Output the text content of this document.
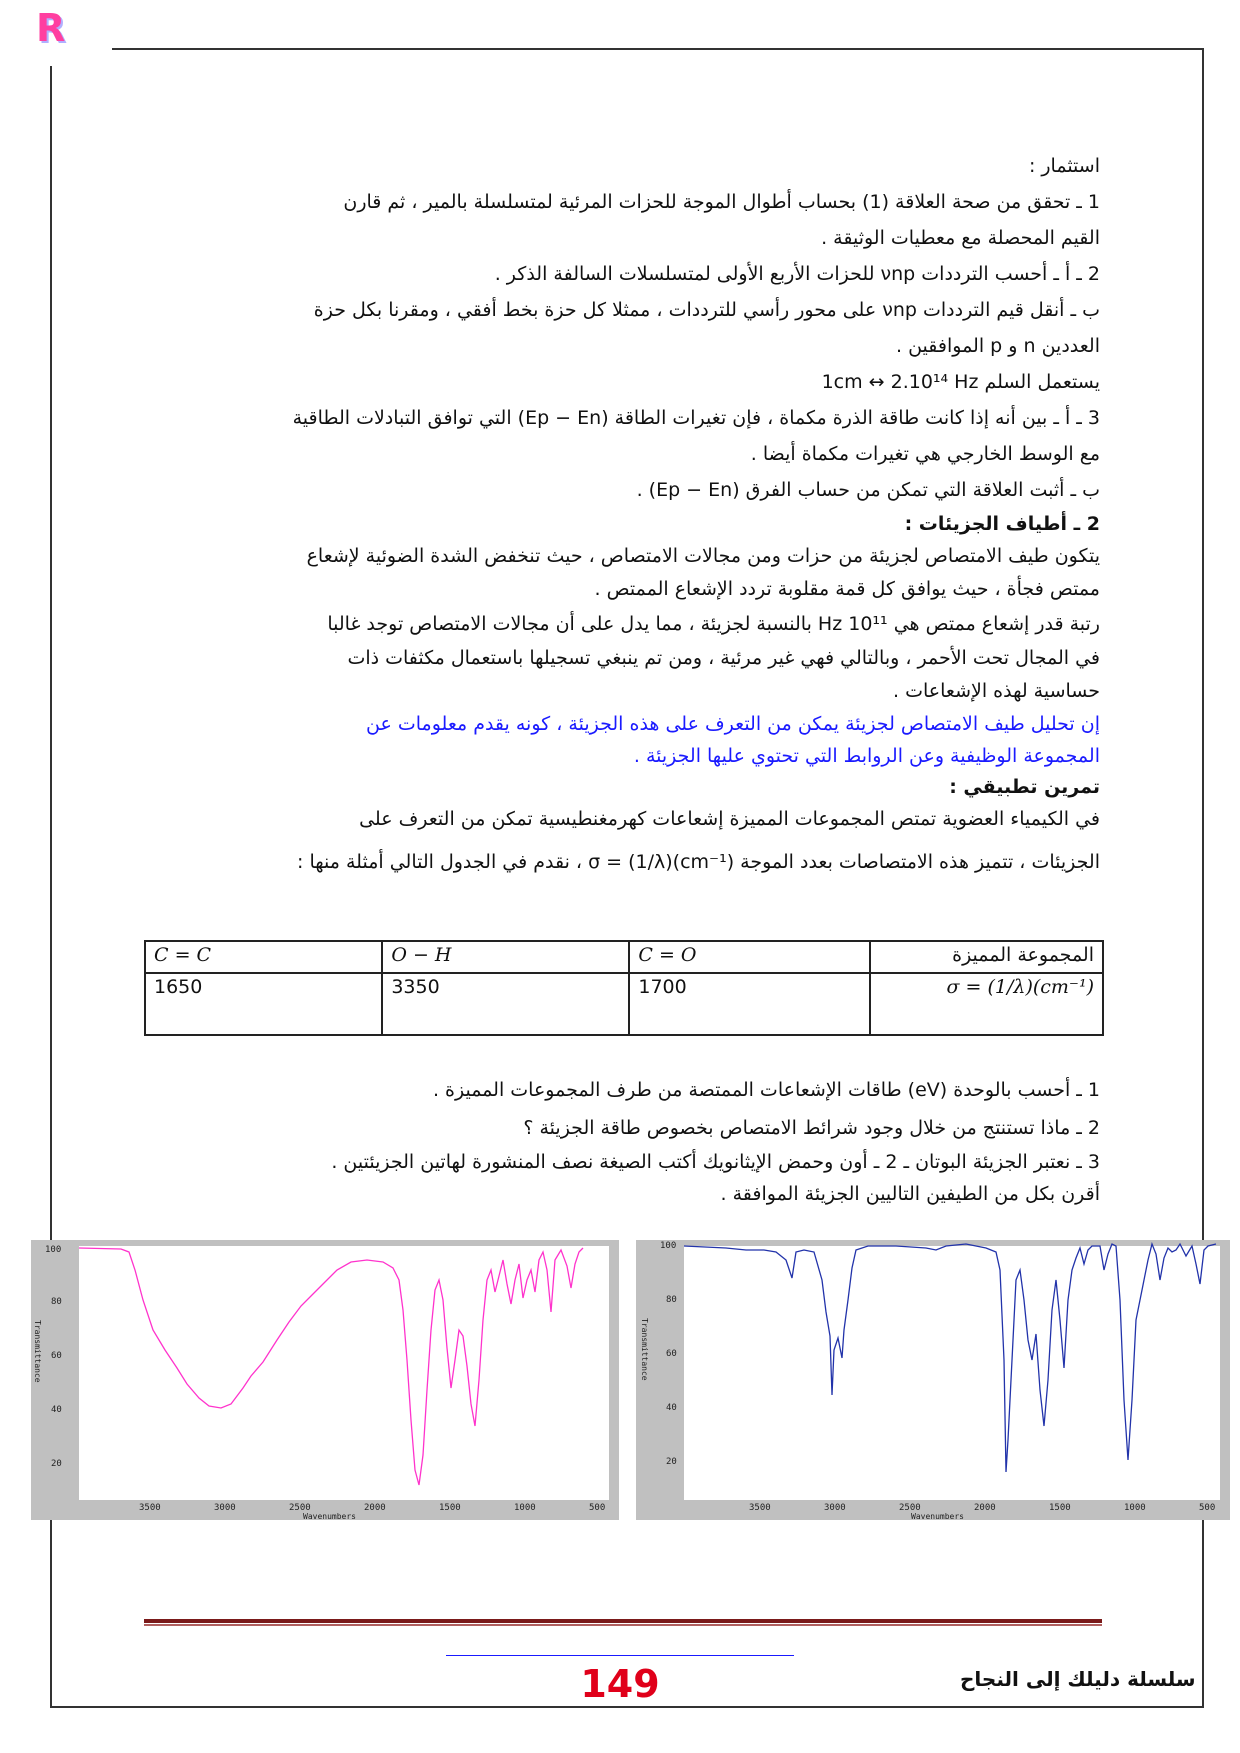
R

استثمار :

1 ـ تحقق من صحة العلاقة (1) بحساب أطوال الموجة للحزات المرئية لمتسلسلة بالمير ، ثم قارن

القيم المحصلة مع معطيات الوثيقة .

2 ـ أ ـ أحسب الترددات νnp للحزات الأربع الأولى لمتسلسلات السالفة الذكر .

ب ـ أنقل قيم الترددات νnp على محور رأسي للترددات ، ممثلا كل حزة بخط أفقي ، ومقرنا بكل حزة

العددين n و p الموافقين .

يستعمل السلم 1cm ↔ 2.10¹⁴ Hz

3 ـ أ ـ بين أنه إذا كانت طاقة الذرة مكماة ، فإن تغيرات الطاقة (Ep − En) التي توافق التبادلات الطاقية

مع الوسط الخارجي هي تغيرات مكماة أيضا .

ب ـ أثبت العلاقة التي تمكن من حساب الفرق (Ep − En) .

2 ـ أطياف الجزيئات :

يتكون طيف الامتصاص لجزيئة من حزات ومن مجالات الامتصاص ، حيث تنخفض الشدة الضوئية لإشعاع

ممتص فجأة ، حيث يوافق كل قمة مقلوبة تردد الإشعاع الممتص .

رتبة قدر إشعاع ممتص هي 10¹¹ Hz بالنسبة لجزيئة ، مما يدل على أن مجالات الامتصاص توجد غالبا

في المجال تحت الأحمر ، وبالتالي فهي غير مرئية ، ومن تم ينبغي تسجيلها باستعمال مكثفات ذات

حساسية لهذه الإشعاعات .

إن تحليل طيف الامتصاص لجزيئة يمكن من التعرف على هذه الجزيئة ، كونه يقدم معلومات عن

المجموعة الوظيفية وعن الروابط التي تحتوي عليها الجزيئة .

تمرين تطبيقي :

في الكيمياء العضوية تمتص المجموعات المميزة إشعاعات كهرمغنطيسية تمكن من التعرف على

الجزيئات ، تتميز هذه الامتصاصات بعدد الموجة σ = (1/λ)(cm⁻¹) ، نقدم في الجدول التالي أمثلة منها :

المجموعة المميزة	C = O	O − H	C = C
σ = (1/λ)(cm⁻¹)	1700	3350	1650

1 ـ أحسب بالوحدة (eV) طاقات الإشعاعات الممتصة من طرف المجموعات المميزة .

2 ـ ماذا تستنتج من خلال وجود شرائط الامتصاص بخصوص طاقة الجزيئة ؟

3 ـ نعتبر الجزيئة البوتان ـ 2 ـ أون وحمض الإيثانويك أكتب الصيغة نصف المنشورة لهاتين الجزيئتين .

أقرن بكل من الطيفين التاليين الجزيئة الموافقة .

100
80
60
40
20
3500	3000	2500	2000	1500	1000	500
Wavenumbers
Transmittance
100
80
60
40
20
3500	3000	2500	2000	1500	1000	500
Wavenumbers
Transmittance
149	سلسلة دليلك إلى النجاح
